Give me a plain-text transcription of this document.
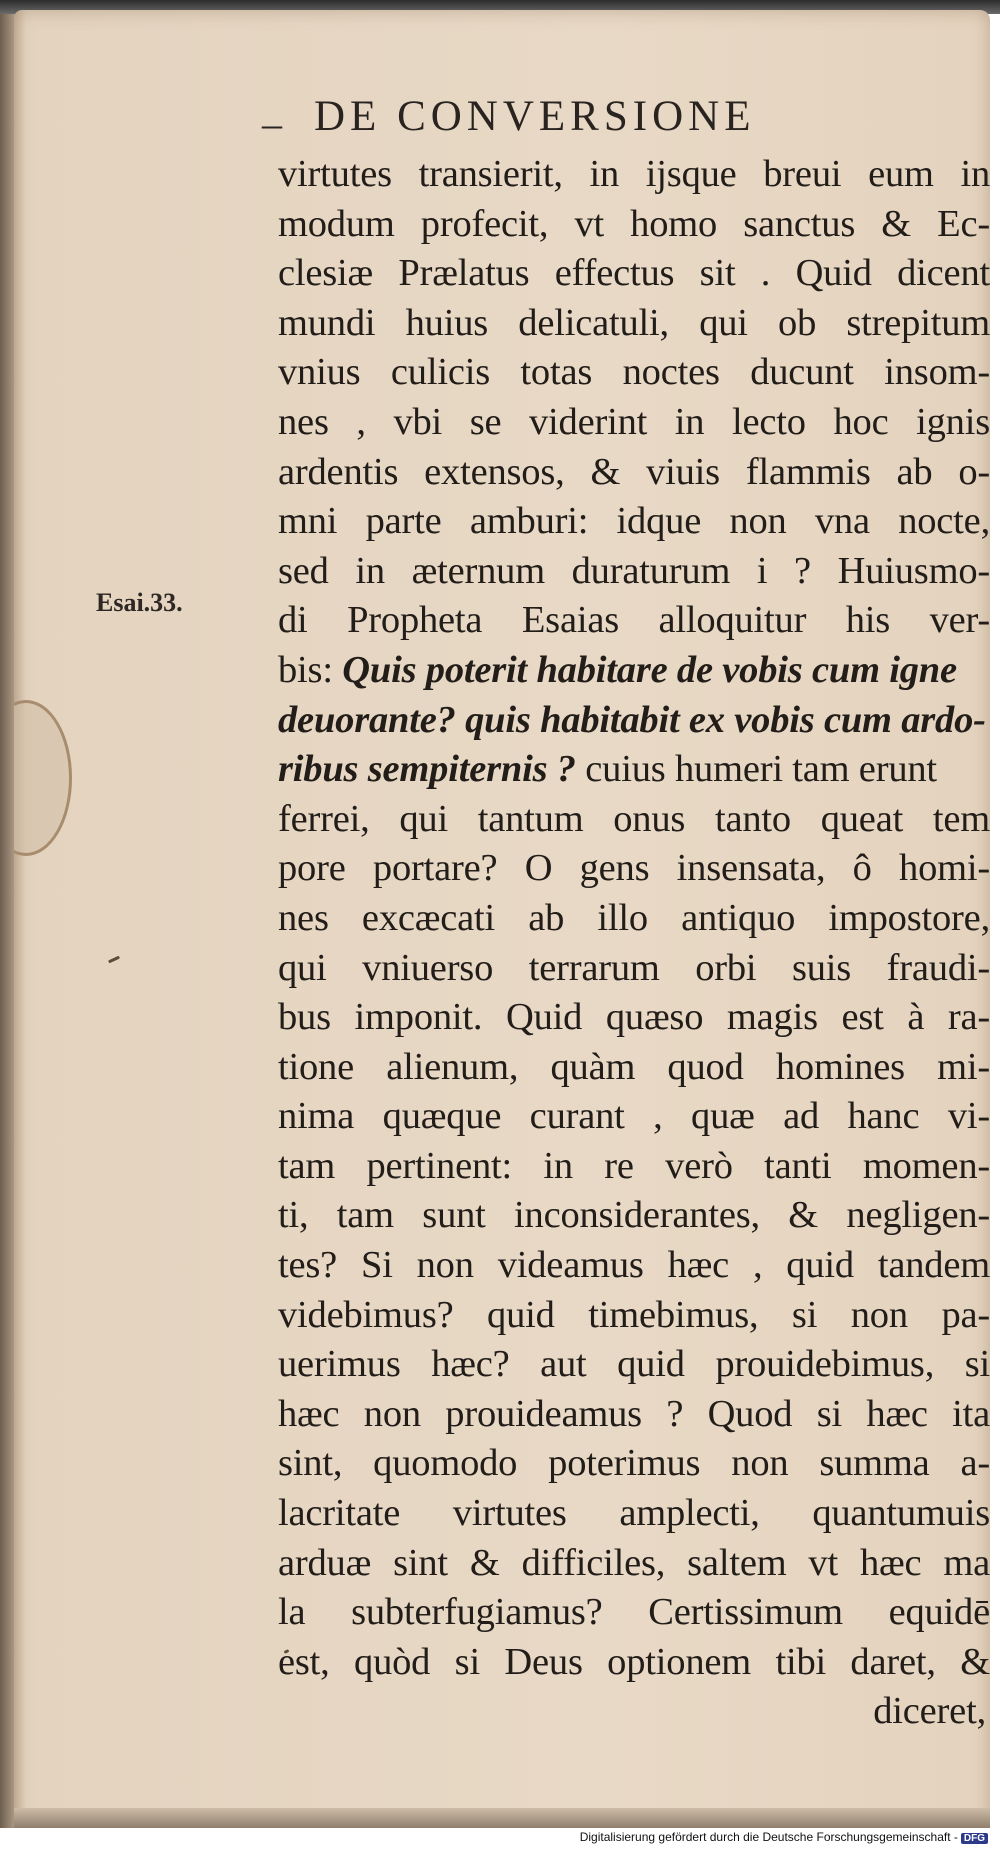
DE CONVERSIONE
–
Esai.33.
virtutes transierit, in ijsque breui eum in
modum profecit, vt homo sanctus & Ec-
clesiæ Prælatus effectus sit . Quid dicent
mundi huius delicatuli, qui ob strepitum
vnius culicis totas noctes ducunt insom-
nes , vbi se viderint in lecto hoc ignis
ardentis extensos, & viuis flammis ab o-
mni parte amburi: idque non vna nocte,
sed in æternum duraturum i ? Huiusmo-
di Propheta Esaias alloquitur his ver-
bis: Quis poterit habitare de vobis cum igne
deuorante? quis habitabit ex vobis cum ardo-
ribus sempiternis ? cuius humeri tam erunt
ferrei, qui tantum onus tanto queat tem
pore portare? O gens insensata, ô homi-
nes excæcati ab illo antiquo impostore,
qui vniuerso terrarum orbi suis fraudi-
bus imponit. Quid quæso magis est à ra-
tione alienum, quàm quod homines mi-
nima quæque curant , quæ ad hanc vi-
tam pertinent: in re verò tanti momen-
ti, tam sunt inconsiderantes, & negligen-
tes? Si non videamus hæc , quid tandem
videbimus? quid timebimus, si non pa-
uerimus hæc? aut quid prouidebimus, si
hæc non prouideamus ? Quod si hæc ita
sint, quomodo poterimus non summa a-
lacritate virtutes amplecti, quantumuis
arduæ sint & difficiles, saltem vt hæc ma
la subterfugiamus? Certissimum equidē
est, quòd si Deus optionem tibi daret, &
diceret,
Digitalisierung gefördert durch die Deutsche Forschungsgemeinschaft - DFG
